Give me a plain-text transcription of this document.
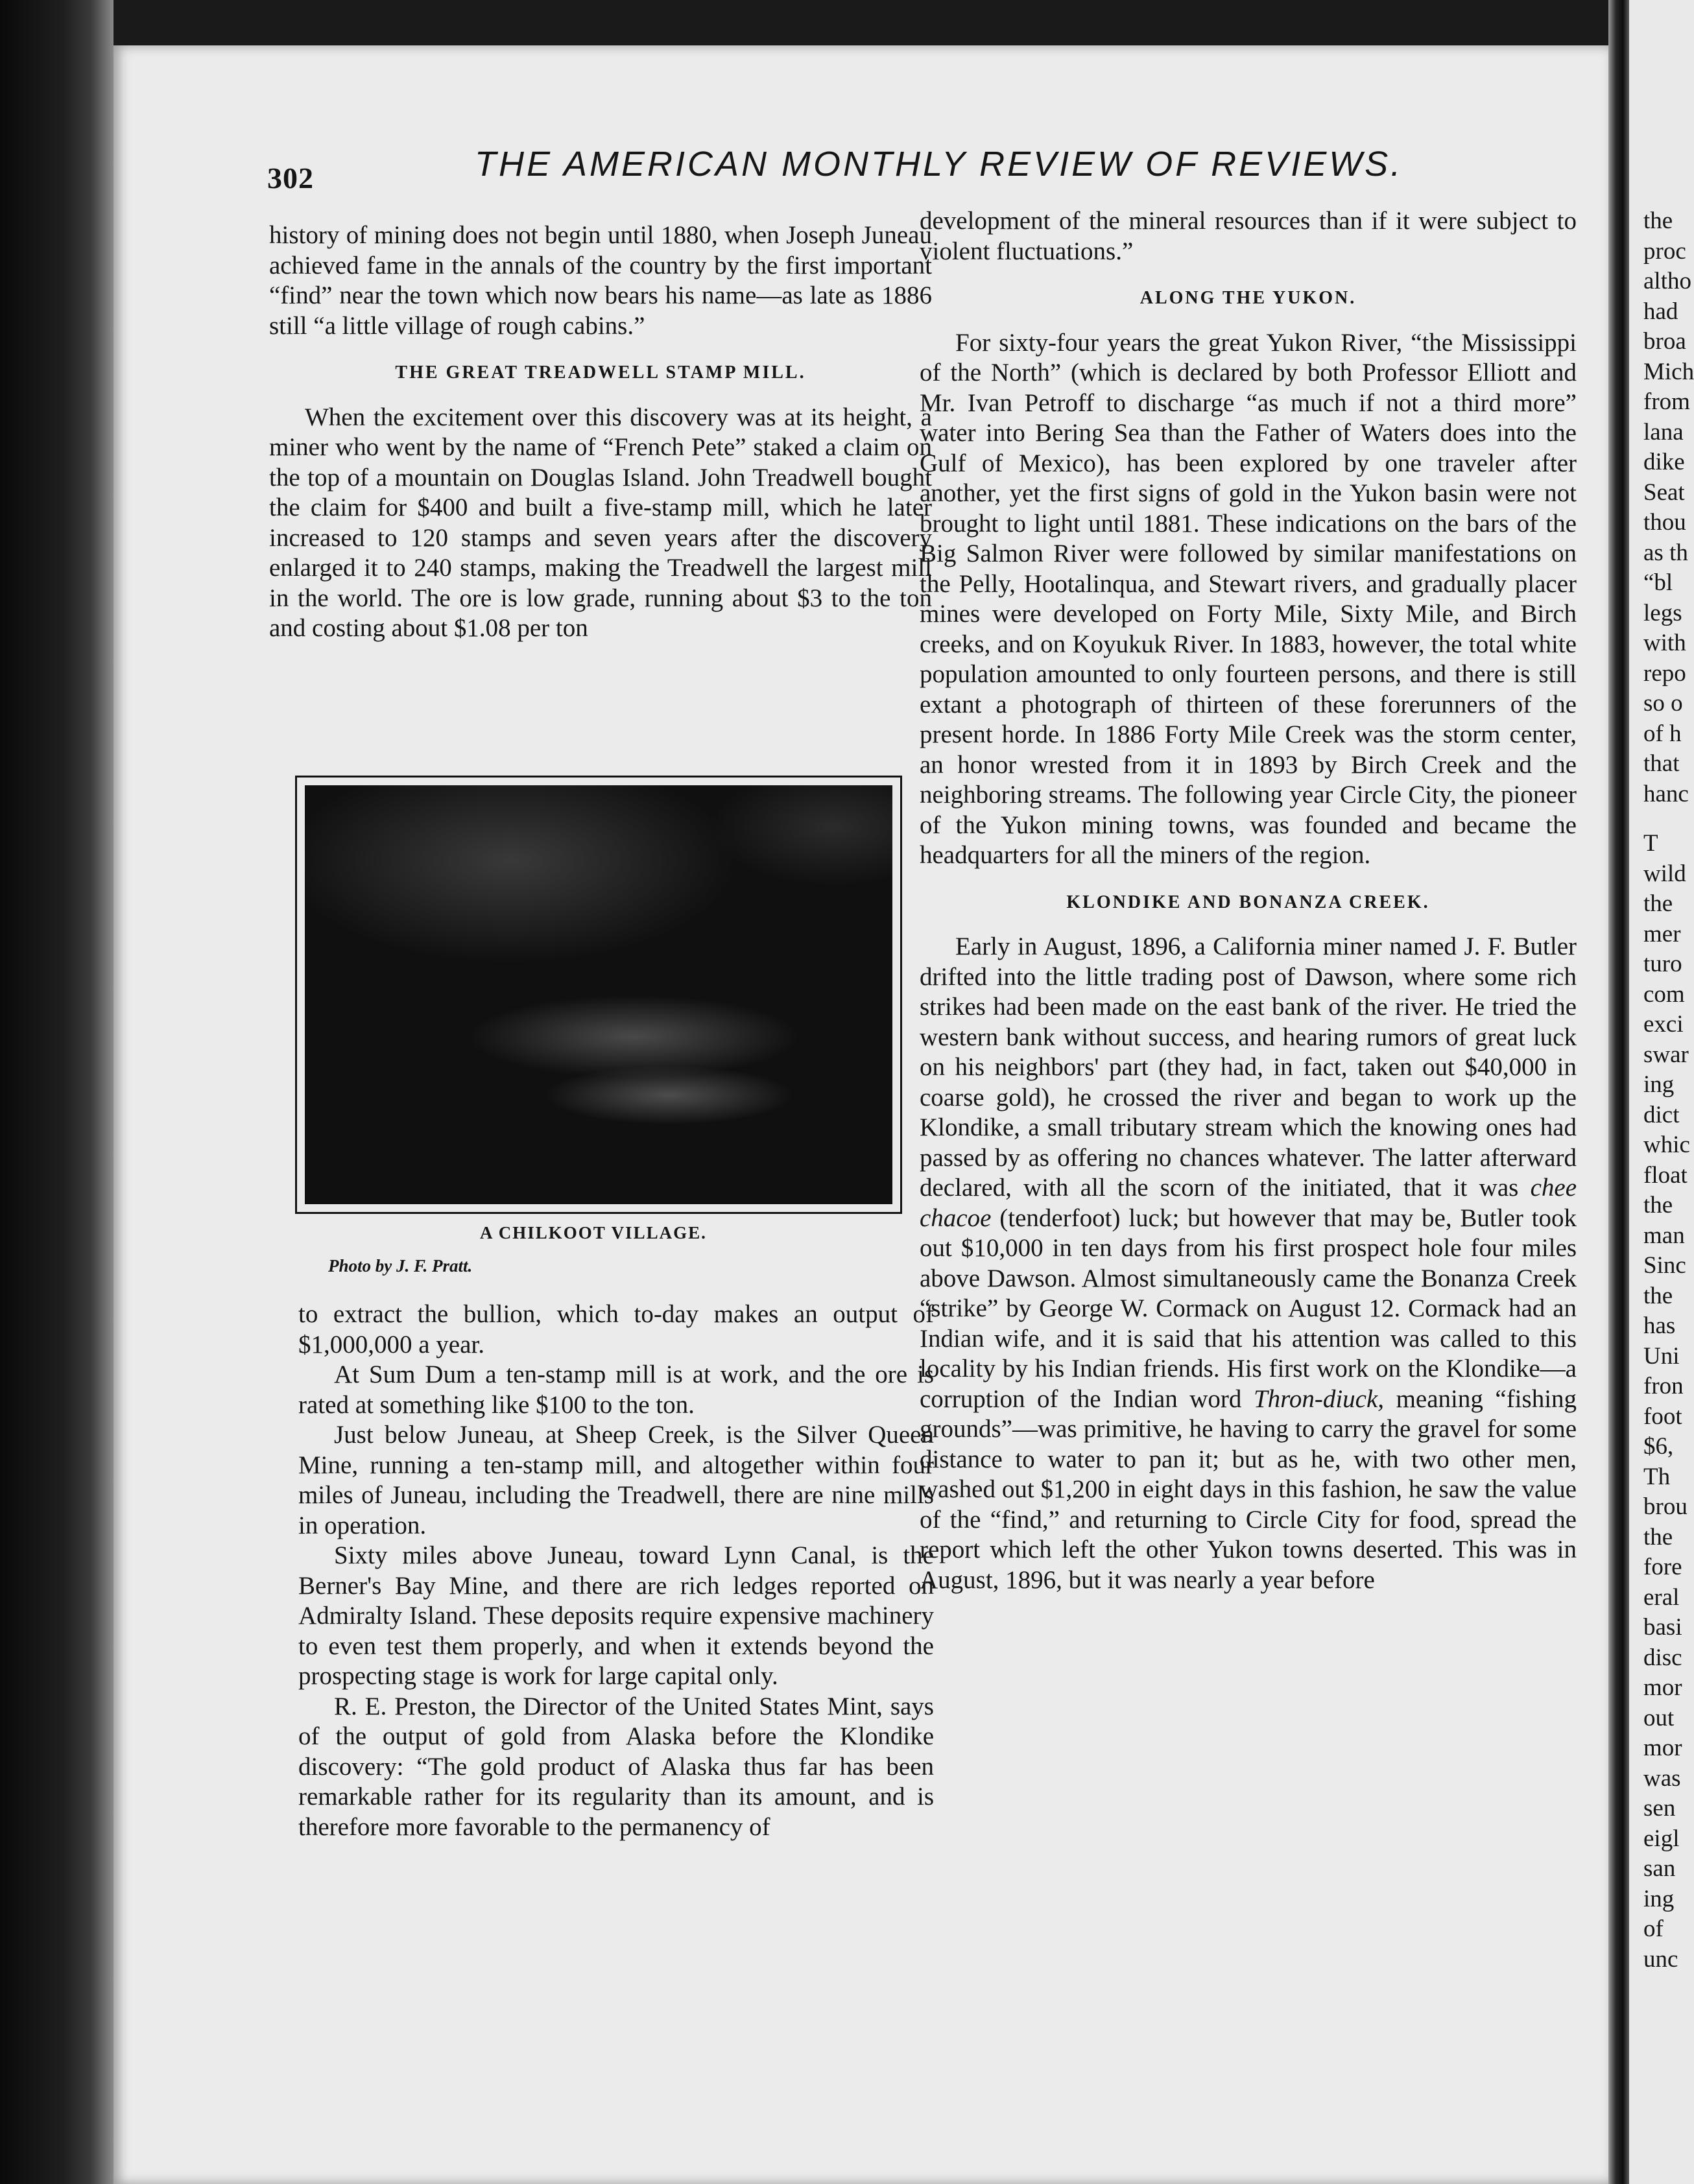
302	THE AMERICAN MONTHLY REVIEW OF REVIEWS.

history of mining does not begin until 1880, when Joseph Juneau achieved fame in the annals of the country by the first important “find” near the town which now bears his name—as late as 1886 still “a little village of rough cabins.”

THE GREAT TREADWELL STAMP MILL.

When the excitement over this discovery was at its height, a miner who went by the name of “French Pete” staked a claim on the top of a mountain on Douglas Island. John Treadwell bought the claim for $400 and built a five-stamp mill, which he later increased to 120 stamps and seven years after the discovery enlarged it to 240 stamps, making the Treadwell the largest mill in the world. The ore is low grade, running about $3 to the ton and costing about $1.08 per ton

A CHILKOOT VILLAGE.
Photo by J. F. Pratt.

to extract the bullion, which to-day makes an output of $1,000,000 a year.

At Sum Dum a ten-stamp mill is at work, and the ore is rated at something like $100 to the ton.

Just below Juneau, at Sheep Creek, is the Silver Queen Mine, running a ten-stamp mill, and altogether within four miles of Juneau, including the Treadwell, there are nine mills in operation.

Sixty miles above Juneau, toward Lynn Canal, is the Berner's Bay Mine, and there are rich ledges reported on Admiralty Island. These deposits require expensive machinery to even test them properly, and when it extends beyond the prospecting stage is work for large capital only.

R. E. Preston, the Director of the United States Mint, says of the output of gold from Alaska before the Klondike discovery: “The gold product of Alaska thus far has been remarkable rather for its regularity than its amount, and is therefore more favorable to the permanency of

development of the mineral resources than if it were subject to violent fluctuations.”

ALONG THE YUKON.

For sixty-four years the great Yukon River, “the Mississippi of the North” (which is declared by both Professor Elliott and Mr. Ivan Petroff to discharge “as much if not a third more” water into Bering Sea than the Father of Waters does into the Gulf of Mexico), has been explored by one traveler after another, yet the first signs of gold in the Yukon basin were not brought to light until 1881. These indications on the bars of the Big Salmon River were followed by similar manifestations on the Pelly, Hootalinqua, and Stewart rivers, and gradually placer mines were developed on Forty Mile, Sixty Mile, and Birch creeks, and on Koyukuk River. In 1883, however, the total white population amounted to only fourteen persons, and there is still extant a photograph of thirteen of these forerunners of the present horde. In 1886 Forty Mile Creek was the storm center, an honor wrested from it in 1893 by Birch Creek and the neighboring streams. The following year Circle City, the pioneer of the Yukon mining towns, was founded and became the headquarters for all the miners of the region.

KLONDIKE AND BONANZA CREEK.

Early in August, 1896, a California miner named J. F. Butler drifted into the little trading post of Dawson, where some rich strikes had been made on the east bank of the river. He tried the western bank without success, and hearing rumors of great luck on his neighbors' part (they had, in fact, taken out $40,000 in coarse gold), he crossed the river and began to work up the Klondike, a small tributary stream which the knowing ones had passed by as offering no chances whatever. The latter afterward declared, with all the scorn of the initiated, that it was chee chacoe (tenderfoot) luck; but however that may be, Butler took out $10,000 in ten days from his first prospect hole four miles above Dawson. Almost simultaneously came the Bonanza Creek “strike” by George W. Cormack on August 12. Cormack had an Indian wife, and it is said that his attention was called to this locality by his Indian friends. His first work on the Klondike—a corruption of the Indian word Thron-diuck, meaning “fishing grounds”—was primitive, he having to carry the gravel for some distance to water to pan it; but as he, with two other men, washed out $1,200 in eight days in this fashion, he saw the value of the “find,” and returning to Circle City for food, spread the report which left the other Yukon towns deserted. This was in August, 1896, but it was nearly a year before

the
proc
altho
had
broa
Mich
from
lana
dike
Seat
thou
as th
“bl
legs
with
repo
so o
of h
that
hanc
T
wild
the
mer
turo
com
exci
swar
ing
dict
whic
float
the
man
Sinc
the
has
Uni
fron
foot
$6,
Th
brou
the
fore
eral
basi
disc
mor
out
mor
was
sen
eigl
san
ing
of
unc
